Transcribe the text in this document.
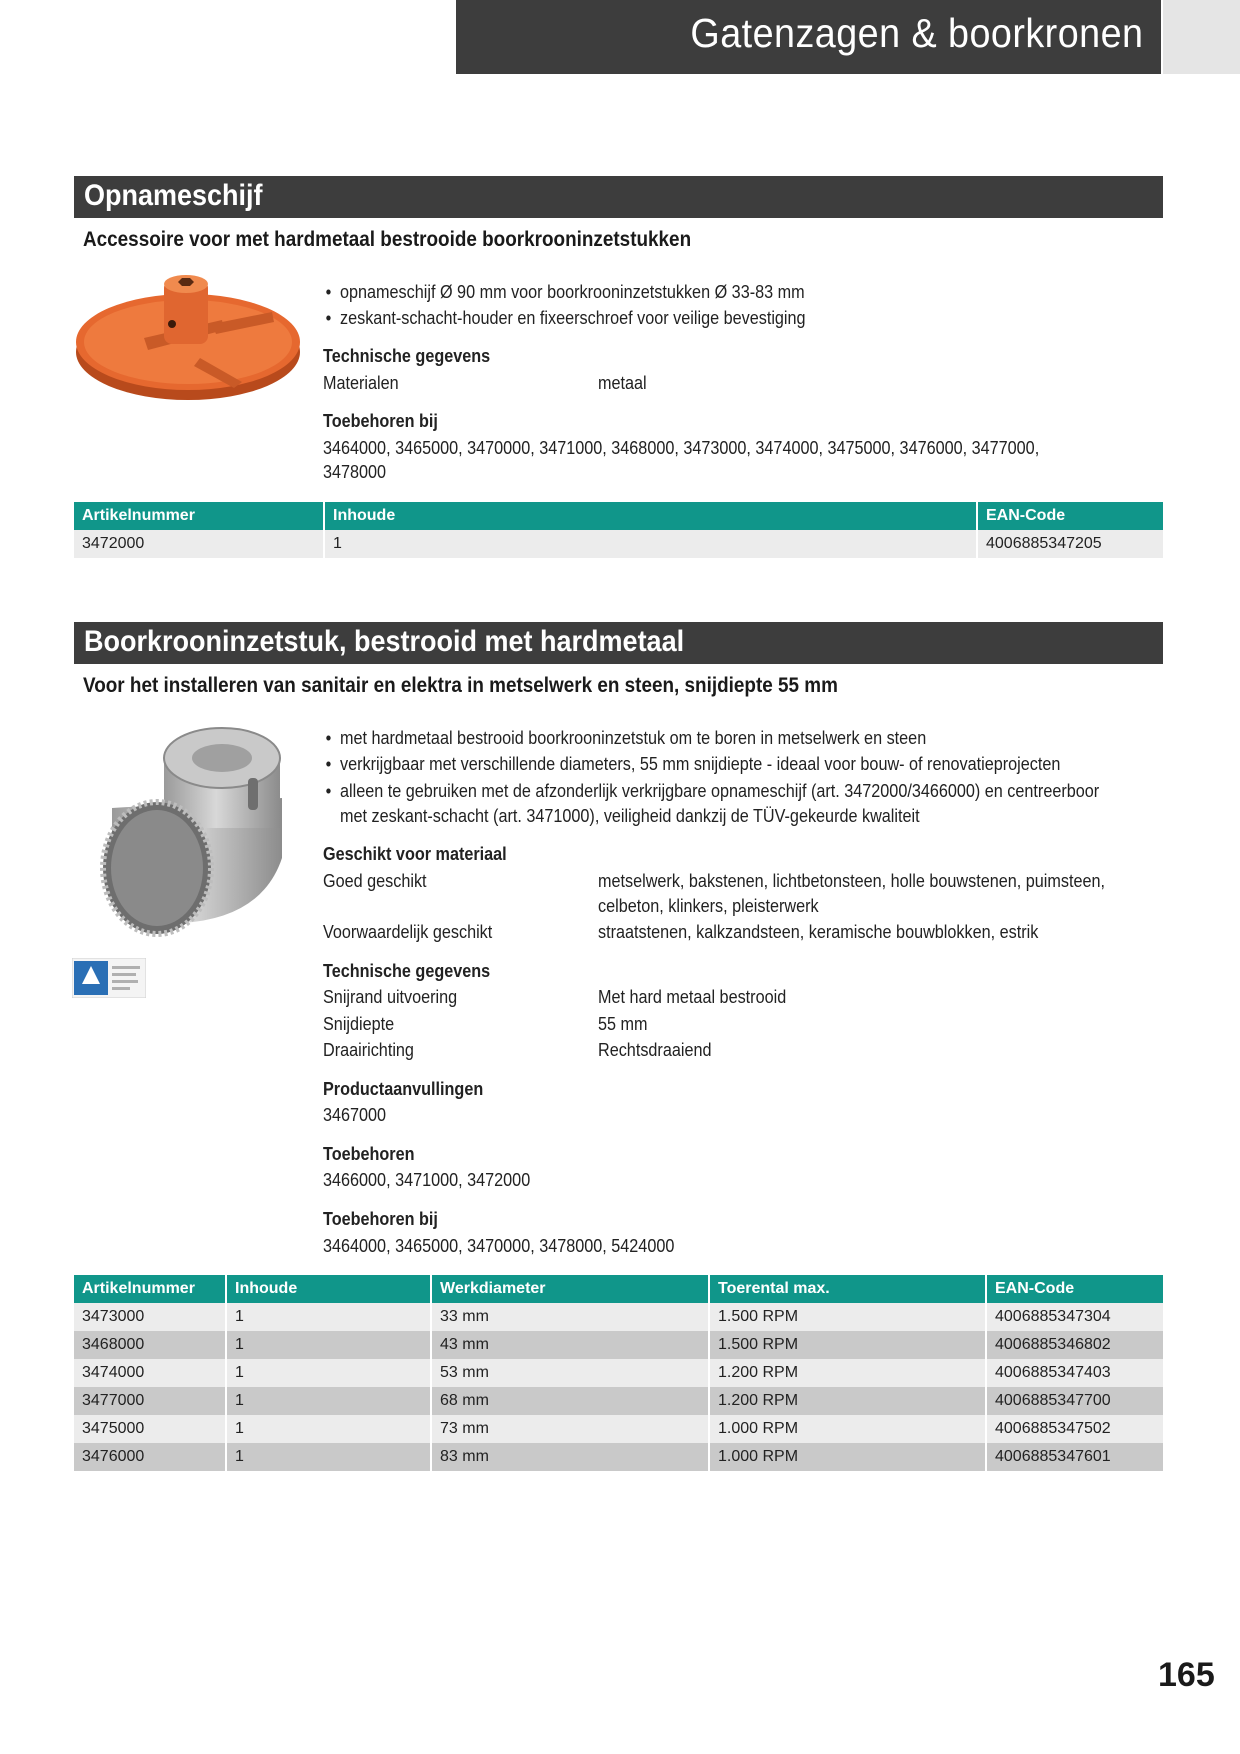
Gatenzagen & boorkronen
Opnameschijf
Accessoire voor met hardmetaal bestrooide boorkrooninzetstukken
• opnameschijf Ø 90 mm voor boorkrooninzetstukken Ø 33-83 mm
• zeskant-schacht-houder en fixeerschroef voor veilige bevestiging
Technische gegevens
Materialen	metaal
Toebehoren bij
3464000, 3465000, 3470000, 3471000, 3468000, 3473000, 3474000, 3475000, 3476000, 3477000,
3478000
Artikelnummer	Inhoude	EAN-Code
3472000	1	4006885347205
Boorkrooninzetstuk, bestrooid met hardmetaal
Voor het installeren van sanitair en elektra in metselwerk en steen, snijdiepte 55 mm
• met hardmetaal bestrooid boorkrooninzetstuk om te boren in metselwerk en steen
• verkrijgbaar met verschillende diameters, 55 mm snijdiepte - ideaal voor bouw- of renovatieprojecten
• alleen te gebruiken met de afzonderlijk verkrijgbare opnameschijf (art. 3472000/3466000) en centreerboor
met zeskant-schacht (art. 3471000), veiligheid dankzij de TÜV-gekeurde kwaliteit
Geschikt voor materiaal
Goed geschikt	metselwerk, bakstenen, lichtbetonsteen, holle bouwstenen, puimsteen,
celbeton, klinkers, pleisterwerk
Voorwaardelijk geschikt	straatstenen, kalkzandsteen, keramische bouwblokken, estrik
Technische gegevens
Snijrand uitvoering	Met hard metaal bestrooid
Snijdiepte	55 mm
Draairichting	Rechtsdraaiend
Productaanvullingen
3467000
Toebehoren
3466000, 3471000, 3472000
Toebehoren bij
3464000, 3465000, 3470000, 3478000, 5424000
Artikelnummer	Inhoude	Werkdiameter	Toerental max.	EAN-Code
3473000	1	33 mm	1.500 RPM	4006885347304
3468000	1	43 mm	1.500 RPM	4006885346802
3474000	1	53 mm	1.200 RPM	4006885347403
3477000	1	68 mm	1.200 RPM	4006885347700
3475000	1	73 mm	1.000 RPM	4006885347502
3476000	1	83 mm	1.000 RPM	4006885347601
165
